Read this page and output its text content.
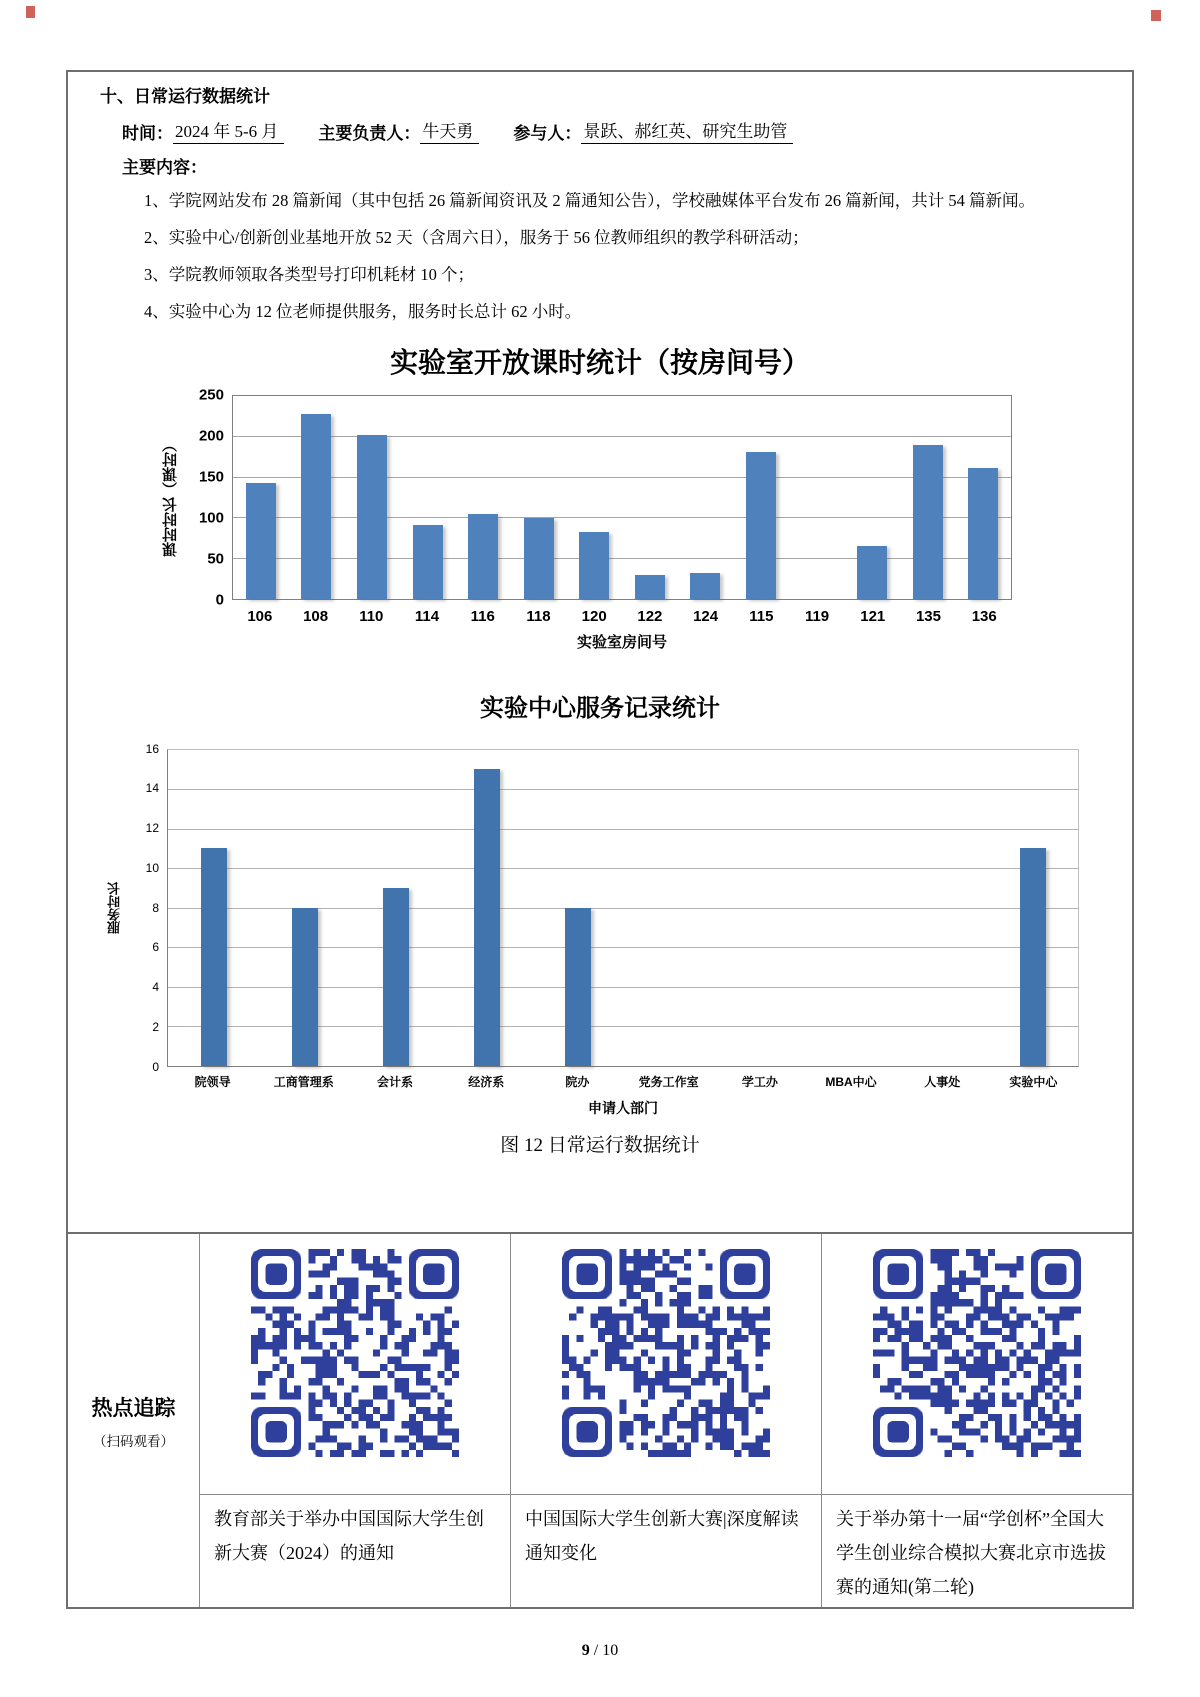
十、日常运行数据统计
时间： 2024 年 5-6 月	主要负责人： 牛天勇	参与人： 景跃、郝红英、研究生助管
主要内容：
1、学院网站发布 28 篇新闻（其中包括 26 篇新闻资讯及 2 篇通知公告），学校融媒体平台发布 26 篇新闻，共计 54 篇新闻。
2、实验中心/创新创业基地开放 52 天（含周六日），服务于 56 位教师组织的教学科研活动；
3、学院教师领取各类型号打印机耗材 10 个；
4、实验中心为 12 位老师提供服务，服务时长总计 62 小时。
实验室开放课时统计（按房间号）
课时时长（课时）
250
200
150
100
50
0
106	108	110	114	116	118	120	122	124	115	119	121	135	136
实验室房间号
实验中心服务记录统计
服务时长
16
14
12
10
8
6
4
2
0
院领导	工商管理系	会计系	经济系	院办	党务工作室	学工办	MBA中心	人事处	实验中心
申请人部门
图 12 日常运行数据统计
热点追踪
（扫码观看）
教育部关于举办中国国际大学生创新大赛（2024）的通知
中国国际大学生创新大赛|深度解读通知变化
关于举办第十一届“学创杯”全国大学生创业综合模拟大赛北京市选拔赛的通知(第二轮)
9 / 10
